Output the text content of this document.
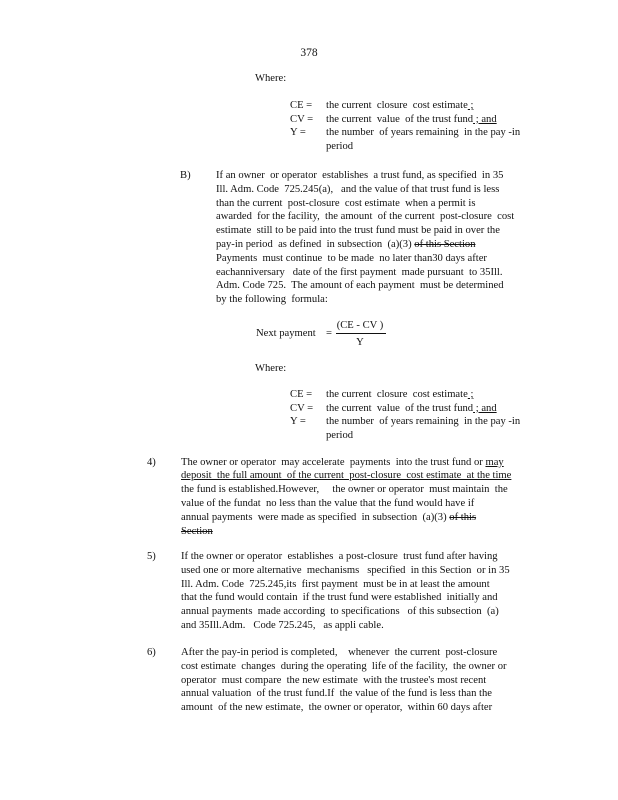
378
Where:
CE = the current  closure  cost estimate ;
CV = the current  value  of the trust fund ; and
Y = the number  of years remaining  in the pay -in
period
B) If an owner  or operator  establishes  a trust fund, as specified  in 35
Ill. Adm. Code  725.245(a),   and the value of that trust fund is less
than the current  post-closure  cost estimate  when a permit is
awarded  for the facility,  the amount  of the current  post-closure  cost
estimate  still to be paid into the trust fund must be paid in over the
pay-in period  as defined  in subsection  (a)(3) of this Section
Payments  must continue  to be made  no later than30 days after
eachanniversary   date of the first payment  made pursuant  to 35Ill.
Adm. Code 725.  The amount of each payment  must be determined
by the following  formula:
Next payment =
(CE - CV )
Y
Where:
CE = the current  closure  cost estimate ;
CV = the current  value  of the trust fund ; and
Y = the number  of years remaining  in the pay -in
period
4) The owner or operator  may accelerate  payments  into the trust fund or may
deposit  the full amount  of the current  post-closure  cost estimate  at the time
the fund is established.However,     the owner or operator  must maintain  the
value of the fundat  no less than the value that the fund would have if
annual payments  were made as specified  in subsection  (a)(3) of this
Section
5) If the owner or operator  establishes  a post-closure  trust fund after having
used one or more alternative  mechanisms   specified  in this Section  or in 35
Ill. Adm. Code  725.245,its  first payment  must be in at least the amount
that the fund would contain  if the trust fund were established  initially and
annual payments  made according  to specifications   of this subsection  (a)
and 35Ill.Adm.   Code 725.245,   as appli cable.
6) After the pay-in period is completed,    whenever  the current  post-closure
cost estimate  changes  during the operating  life of the facility,  the owner or
operator  must compare  the new estimate  with the trustee's most recent
annual valuation  of the trust fund.If  the value of the fund is less than the
amount  of the new estimate,  the owner or operator,  within 60 days after
